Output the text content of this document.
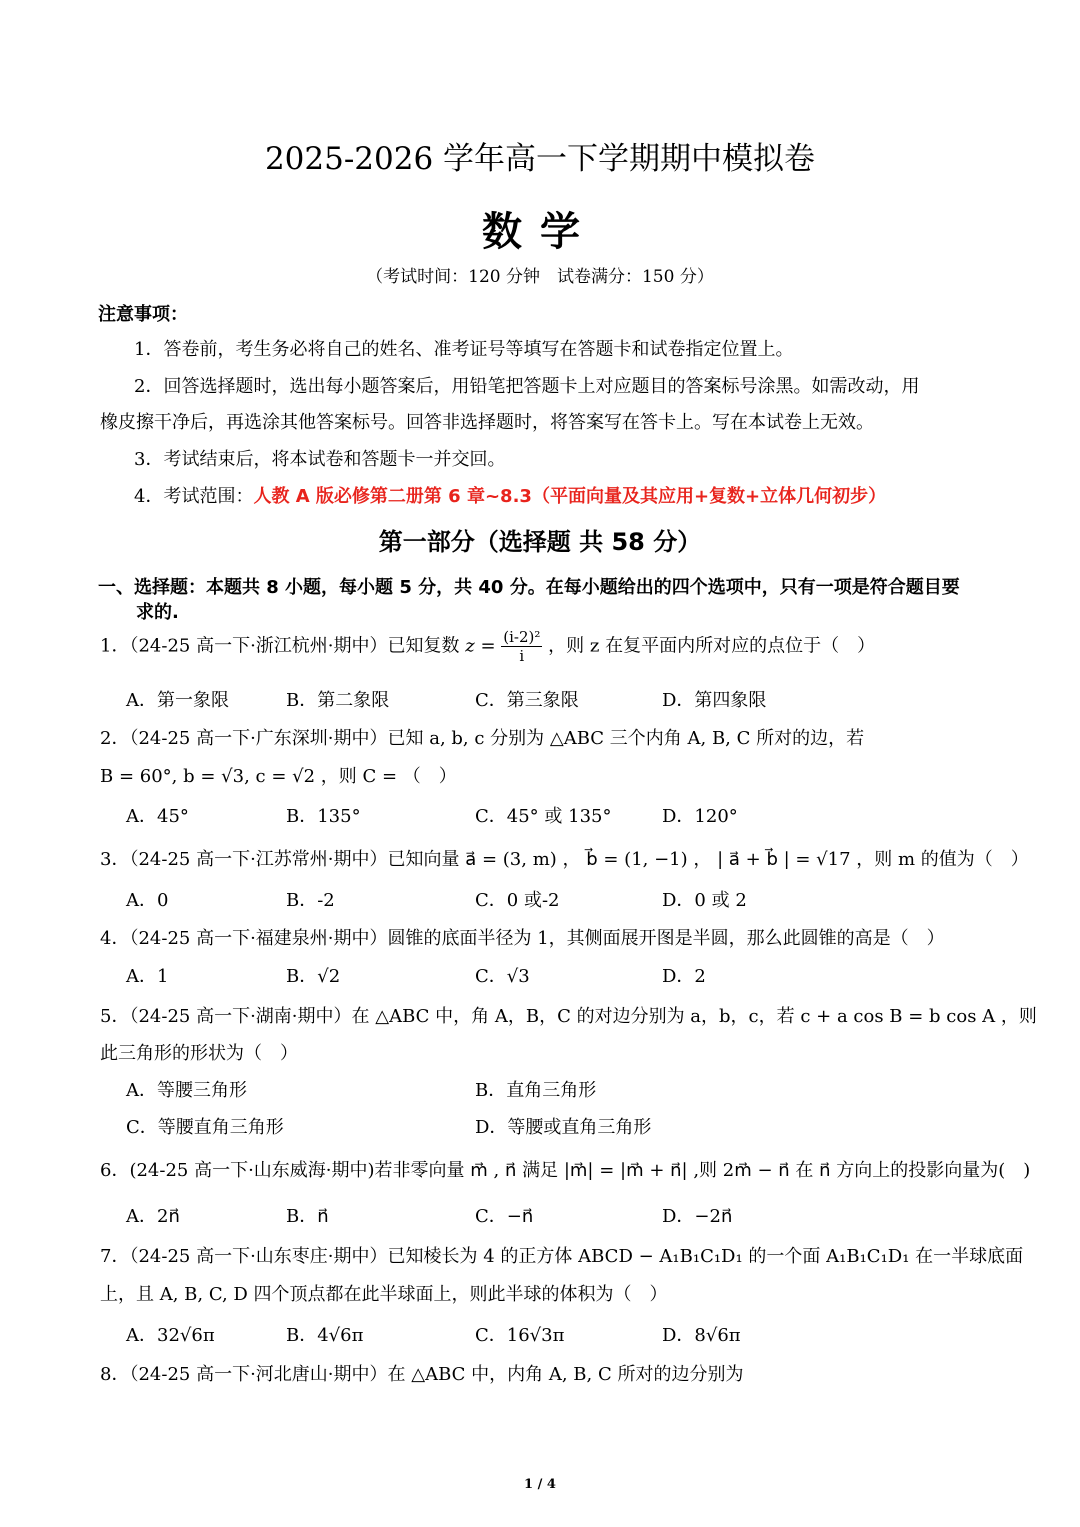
2025-2026 学年高一下学期期中模拟卷
数学
（考试时间：120 分钟　试卷满分：150 分）
注意事项：
1．答卷前，考生务必将自己的姓名、准考证号等填写在答题卡和试卷指定位置上。
2．回答选择题时，选出每小题答案后，用铅笔把答题卡上对应题目的答案标号涂黑。如需改动，用
橡皮擦干净后，再选涂其他答案标号。回答非选择题时，将答案写在答卡上。写在本试卷上无效。
3．考试结束后，将本试卷和答题卡一并交回。
4．考试范围：人教 A 版必修第二册第 6 章~8.3（平面向量及其应用+复数+立体几何初步）
第一部分（选择题 共 58 分）
一、选择题：本题共 8 小题，每小题 5 分，共 40 分。在每小题给出的四个选项中，只有一项是符合题目要
求的.
1．（24-25 高一下·浙江杭州·期中）已知复数 $z = \frac{\text{(i-2)²}}{i}$ ，则 z 在复平面内所对应的点位于（　）
A．第一象限	B．第二象限	C．第三象限	D．第四象限
2．（24-25 高一下·广东深圳·期中）已知 a, b, c 分别为 △ABC 三个内角 A, B, C 所对的边，若
B = 60°, b = √3, c = √2 ，则 C = （　）
A．45°	B．135°	C．45° 或 135°	D．120°
3．（24-25 高一下·江苏常州·期中）已知向量 a⃗ = (3, m) ， b⃗ = (1, −1) ， | a⃗ + b⃗ | = √17 ，则 m 的值为（　）
A．0	B．-2	C．0 或-2	D．0 或 2
4．（24-25 高一下·福建泉州·期中）圆锥的底面半径为 1，其侧面展开图是半圆，那么此圆锥的高是（　）
A．1	B．√2	C．√3	D．2
5．（24-25 高一下·湖南·期中）在 △ABC 中，角 A，B，C 的对边分别为 a，b，c，若 c + a cos B = b cos A ，则
此三角形的形状为（　）
A．等腰三角形	B．直角三角形
C．等腰直角三角形	D．等腰或直角三角形
6．(24-25 高一下·山东威海·期中)若非零向量 m⃗ , n⃗ 满足 |m⃗| = |m⃗ + n⃗| ,则 2m⃗ − n⃗ 在 n⃗ 方向上的投影向量为(　)
A．2n⃗	B．n⃗	C．−n⃗	D．−2n⃗
7．（24-25 高一下·山东枣庄·期中）已知棱长为 4 的正方体 ABCD − A₁B₁C₁D₁ 的一个面 A₁B₁C₁D₁ 在一半球底面
上，且 A, B, C, D 四个顶点都在此半球面上，则此半球的体积为（　）
A．32√6π	B．4√6π	C．16√3π	D．8√6π
8．（24-25 高一下·河北唐山·期中）在 △ABC 中，内角 A, B, C 所对的边分别为
1 / 4
